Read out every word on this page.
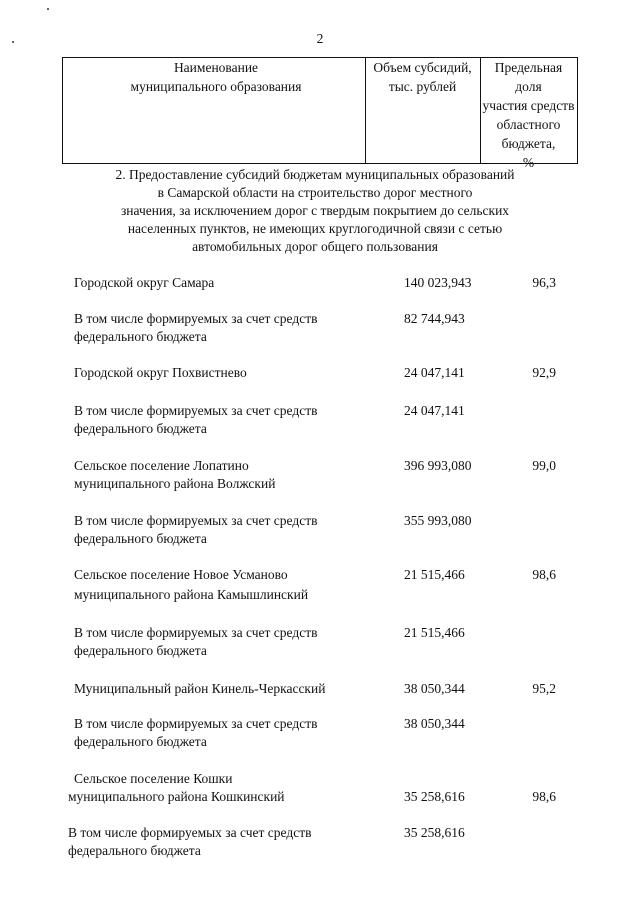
2
Наименование
муниципального образования
Объем субсидий,
тыс. рублей
Предельная
доля
участия средств
областного
бюджета,
%
2. Предоставление субсидий бюджетам муниципальных образований
в Самарской области на строительство дорог местного
значения, за исключением дорог с твердым покрытием до сельских
населенных пунктов, не имеющих круглогодичной связи с сетью
автомобильных дорог общего пользования
Городской округ Самара	140 023,943	96,3
В том числе формируемых за счет средств
федерального бюджета
82 744,943
Городской округ Похвистнево	24 047,141	92,9
В том числе формируемых за счет средств
федерального бюджета
24 047,141
Сельское поселение Лопатино
муниципального района Волжский
396 993,080	99,0
В том числе формируемых за счет средств
федерального бюджета
355 993,080
Сельское поселение Новое Усманово
муниципального района Камышлинский
21 515,466	98,6
В том числе формируемых за счет средств
федерального бюджета
21 515,466
Муниципальный район Кинель-Черкасский	38 050,344	95,2
В том числе формируемых за счет средств
федерального бюджета
38 050,344
Сельское поселение Кошки
муниципального района Кошкинский	35 258,616	98,6
В том числе формируемых за счет средств
федерального бюджета
35 258,616
